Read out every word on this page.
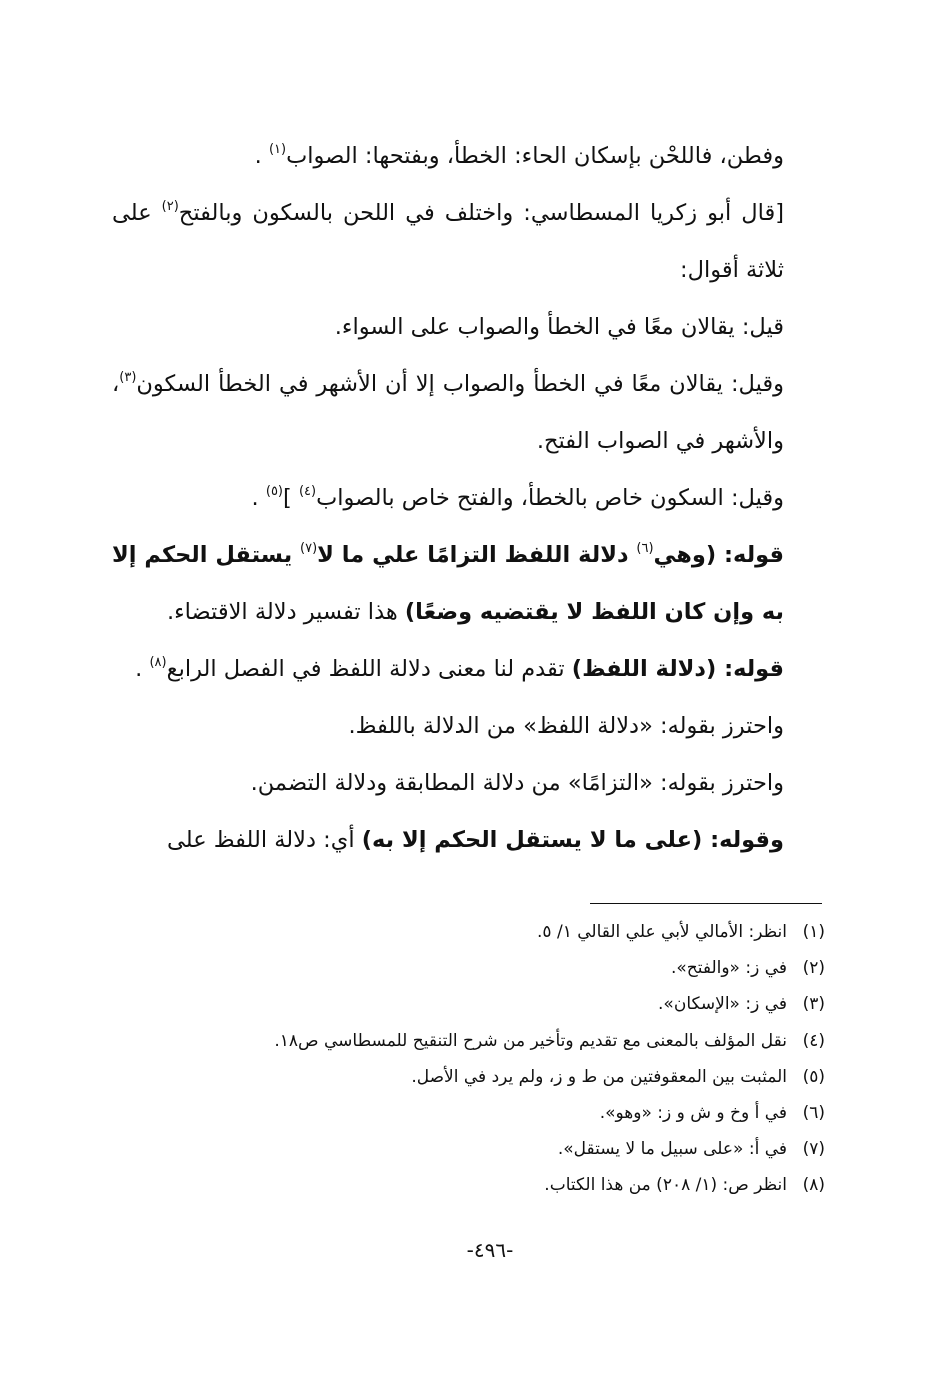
وفطن، فاللحْن بإسكان الحاء: الخطأ، وبفتحها: الصواب$^{(١)}$ .

[قال أبو زكريا المسطاسي: واختلف في اللحن بالسكون وبالفتح$^{(٢)}$ على ثلاثة أقوال:

قيل: يقالان معًا في الخطأ والصواب على السواء.

وقيل: يقالان معًا في الخطأ والصواب إلا أن الأشهر في الخطأ السكون$^{(٣)}$، والأشهر في الصواب الفتح.

وقيل: السكون خاص بالخطأ، والفتح خاص بالصواب$^{(٤)}$ ]$^{(٥)}$ .

قوله: (وهي$^{(٦)}$ دلالة اللفظ التزامًا علي ما لا$^{(٧)}$ يستقل الحكم إلا به وإن كان اللفظ لا يقتضيه وضعًا) هذا تفسير دلالة الاقتضاء.

قوله: (دلالة اللفظ) تقدم لنا معنى دلالة اللفظ في الفصل الرابع$^{(٨)}$ .

واحترز بقوله: «دلالة اللفظ» من الدلالة باللفظ.

واحترز بقوله: «التزامًا» من دلالة المطابقة ودلالة التضمن.

وقوله: (على ما لا يستقل الحكم إلا به) أي: دلالة اللفظ على

(١)انظر: الأمالي لأبي علي القالي ١/ ٥.

(٢)في ز: «والفتح».

(٣)في ز: «الإسكان».

(٤)نقل المؤلف بالمعنى مع تقديم وتأخير من شرح التنقيح للمسطاسي ص١٨.

(٥)المثبت بين المعقوفتين من ط و ز، ولم يرد في الأصل.

(٦)في أ وخ و ش و ز: «وهو».

(٧)في أ: «على سبيل ما لا يستقل».

(٨)انظر ص: (١/ ٢٠٨) من هذا الكتاب.

-٤٩٦-
